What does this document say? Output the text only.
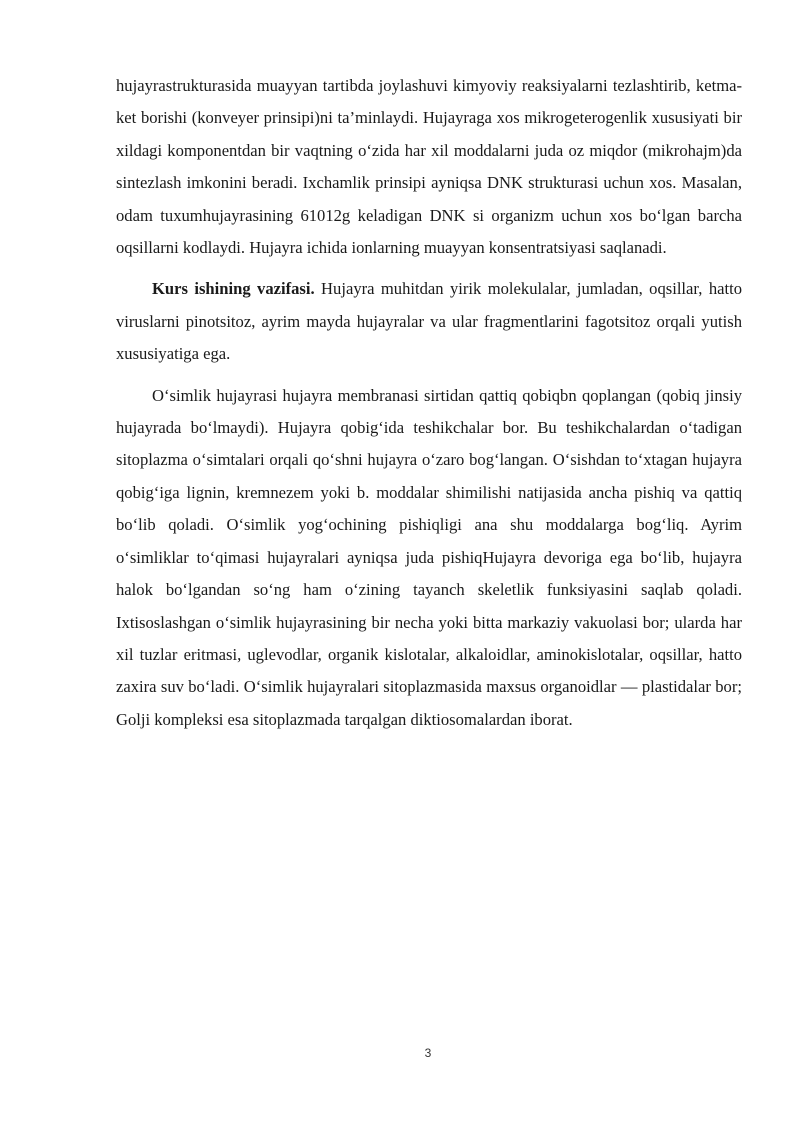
hujayrastrukturasida muayyan tartibda joylashuvi kimyoviy reaksiyalarni tezlashtirib, ketma-ket borishi (konveyer prinsipi)ni ta’minlaydi. Hujayraga xos mikrogeterogenlik xususiyati bir xildagi komponentdan bir vaqtning o‘zida har xil moddalarni juda oz miqdor (mikrohajm)da sintezlash imkonini beradi. Ixchamlik prinsipi ayniqsa DNK strukturasi uchun xos. Masalan, odam tuxumhujayrasining 61012g keladigan DNK si organizm uchun xos bo‘lgan barcha oqsillarni kodlaydi. Hujayra ichida ionlarning muayyan konsentratsiyasi saqlanadi.

Kurs ishining vazifasi. Hujayra muhitdan yirik molekulalar, jumladan, oqsillar, hatto viruslarni pinotsitoz, ayrim mayda hujayralar va ular fragmentlarini fagotsitoz orqali yutish xususiyatiga ega.

O‘simlik hujayrasi hujayra membranasi sirtidan qattiq qobiqbn qoplangan (qobiq jinsiy hujayrada bo‘lmaydi). Hujayra qobig‘ida teshikchalar bor. Bu teshikchalardan o‘tadigan sitoplazma o‘simtalari orqali qo‘shni hujayra o‘zaro bog‘langan. O‘sishdan to‘xtagan hujayra qobig‘iga lignin, kremnezem yoki b. moddalar shimilishi natijasida ancha pishiq va qattiq bo‘lib qoladi. O‘simlik yog‘ochining pishiqligi ana shu moddalarga bog‘liq. Ayrim o‘simliklar to‘qimasi hujayralari ayniqsa juda pishiqHujayra devoriga ega bo‘lib, hujayra halok bo‘lgandan so‘ng ham o‘zining tayanch skeletlik funksiyasini saqlab qoladi. Ixtisoslashgan o‘simlik hujayrasining bir necha yoki bitta markaziy vakuolasi bor; ularda har xil tuzlar eritmasi, uglevodlar, organik kislotalar, alkaloidlar, aminokislotalar, oqsillar, hatto zaxira suv bo‘ladi. O‘simlik hujayralari sitoplazmasida maxsus organoidlar — plastidalar bor; Golji kompleksi esa sitoplazmada tarqalgan diktiosomalardan iborat.

3
